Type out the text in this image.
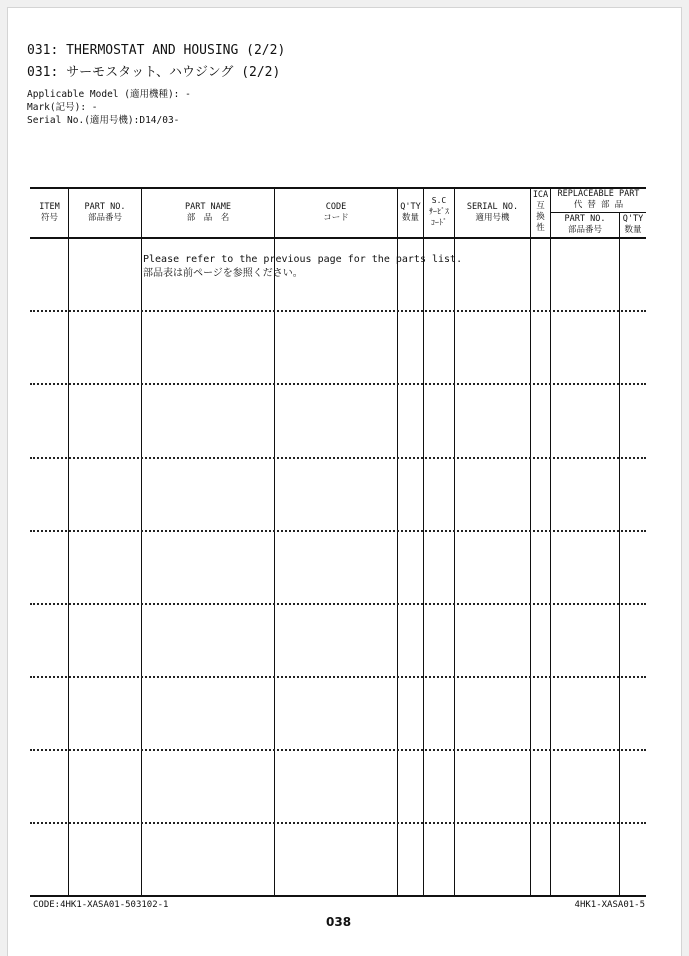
031: THERMOSTAT AND HOUSING (2/2)
031: サーモスタット、ハウジング (2/2)
Applicable Model (適用機種): -
Mark(記号): -
Serial No.(適用号機):D14/03-
ITEM
符号
PART NO.
部品番号
PART NAME
部　品　名
CODE
コード
Q'TY
数量
S.C
ｻｰﾋﾞｽ
ｺｰﾄﾞ
SERIAL NO.
適用号機
ICA
互
換
性
REPLACEABLE PART
代 替 部 品
PART NO.
部品番号
Q'TY
数量
Please refer to the previous page for the parts list.
部品表は前ページを参照ください。
CODE:4HK1-XASA01-503102-1	4HK1-XASA01-5
038
